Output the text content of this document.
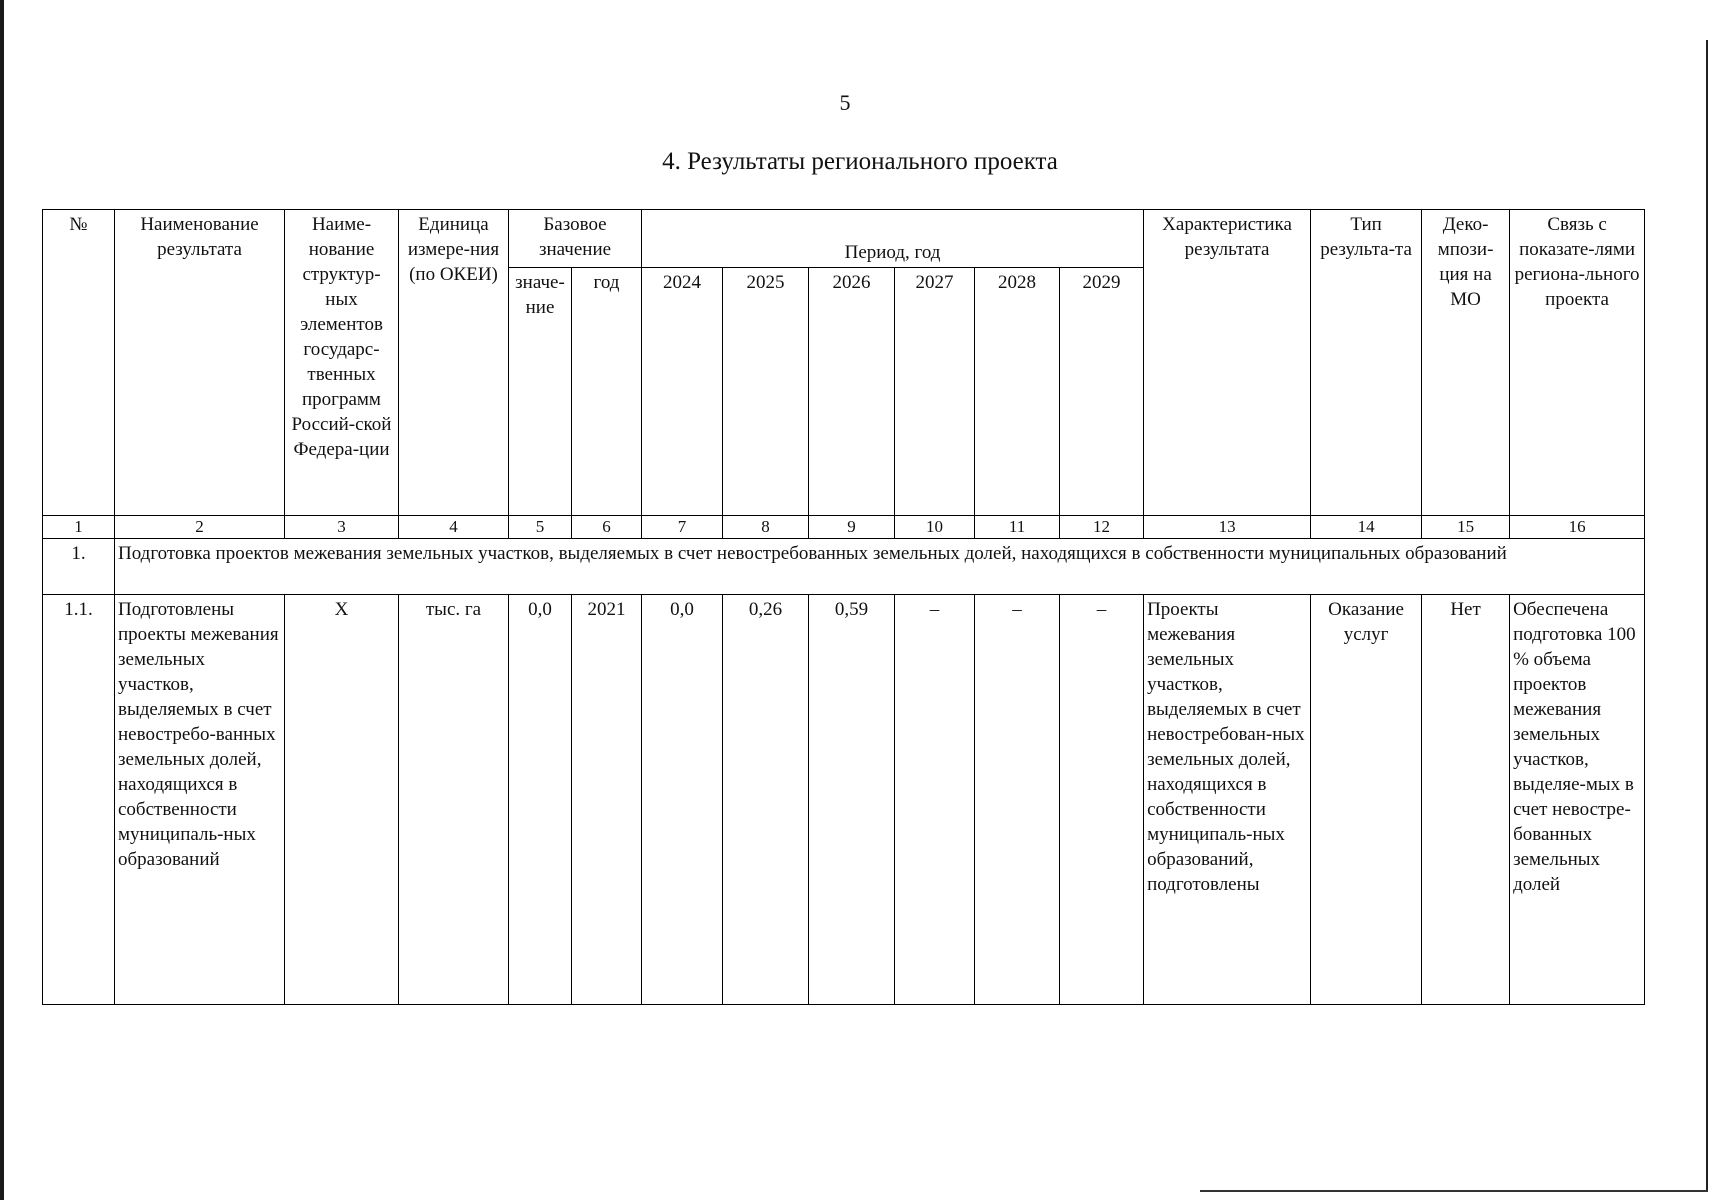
5
4. Результаты регионального проекта
№	Наименование результата	Наиме-нование структур-ных элементов государс-твенных программ Россий-ской Федера-ции	Единица измере-ния (по ОКЕИ)	Базовое значение		Период, год						Характеристика результата	Тип результа-та	Деко-мпози-ция на МО	Связь с показате-лями региона-льного проекта
				значе-ние	год	2024	2025	2026	2027	2028	2029				
1	2	3	4	5	6	7	8	9	10	11	12	13	14	15	16
1.	Подготовка проектов межевания земельных участков, выделяемых в счет невостребованных земельных долей, находящихся в собственности муниципальных образований														
1.1.	Подготовлены проекты межевания земельных участков, выделяемых в счет невостребо-ванных земельных долей, находящихся в собственности муниципаль-ных образований	Х	тыс. га	0,0	2021	0,0	0,26	0,59	–	–	–	Проекты межевания земельных участков, выделяемых в счет невостребован-ных земельных долей, находящихся в собственности муниципаль-ных образований, подготовлены	Оказание услуг	Нет	Обеспечена подготовка 100 % объема проектов межевания земельных участков, выделяе-мых в счет невостре-бованных земельных долей
